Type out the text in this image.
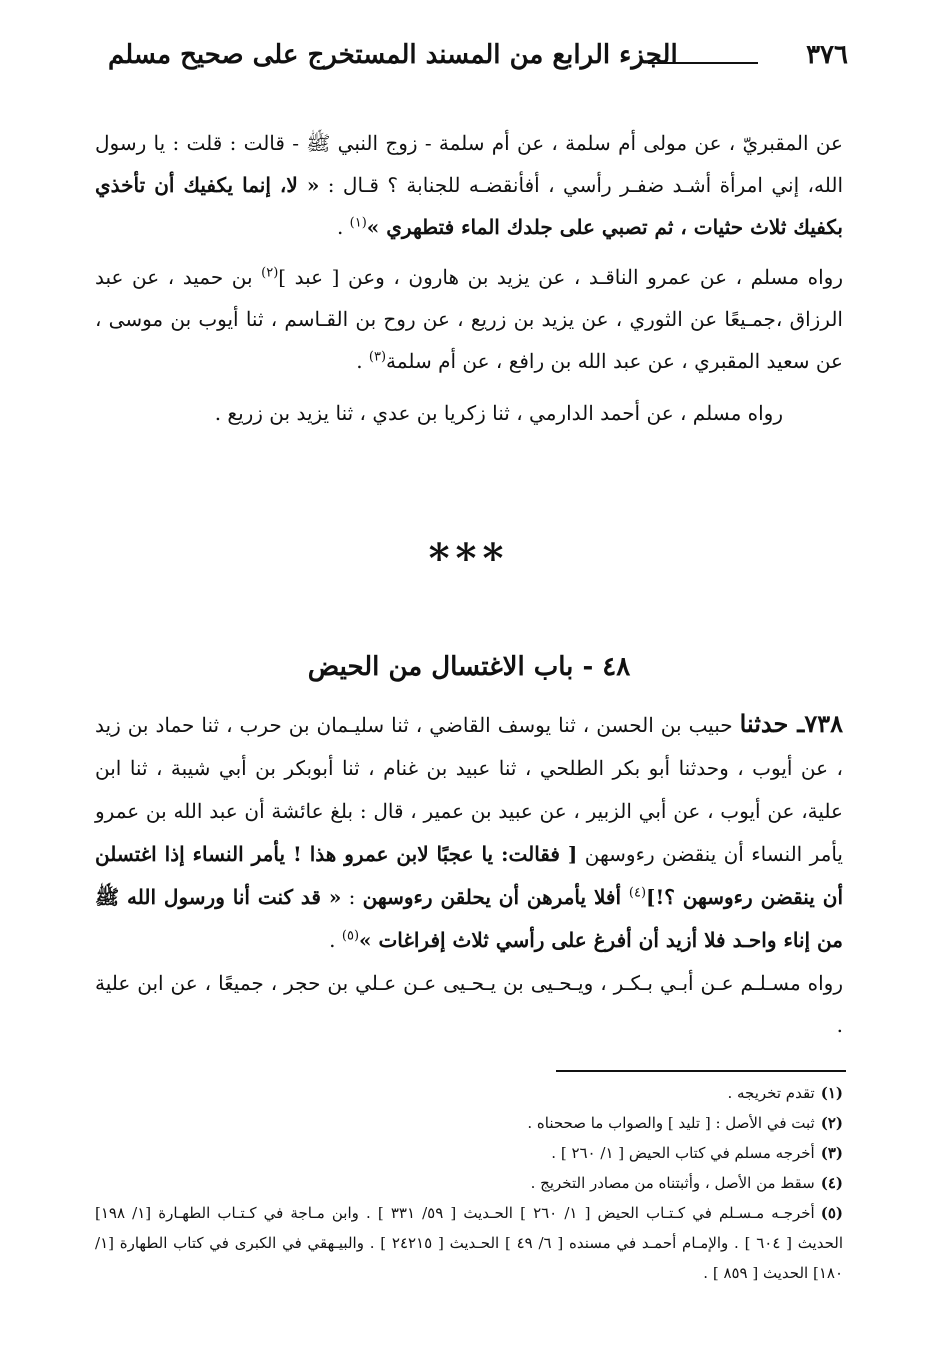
٣٧٦
الجزء الرابع من المسند المستخرج على صحيح مسلم

عن المقبريّ ، عن مولى أم سلمة ، عن أم سلمة - زوج النبي ﷺ - قالت : قلت : يا رسول الله، إني امرأة أشـد ضفـر رأسي ، أفأنقضـه للجنابة ؟ قـال : « لا، إنما يكفيك أن تأخذي بكفيك ثلاث حثيات ، ثم تصبي على جلدك الماء فتطهري »$^{(١)}$ .

رواه مسلم ، عن عمرو الناقـد ، عن يزيد بن هارون ، وعن [ عبد ]$^{(٢)}$ بن حميد ، عن عبد الرزاق ،جمـيعًا عن الثوري ، عن يزيد بن زريع ، عن روح بن القـاسم ، ثنا أيوب بن موسى ، عن سعيد المقبري ، عن عبد الله بن رافع ، عن أم سلمة$^{(٣)}$ .

رواه مسلم ، عن أحمد الدارمي ، ثنا زكريا بن عدي ، ثنا يزيد بن زريع .

***
٤٨ - باب الاغتسال من الحيض

٧٣٨ـ حدثنا حبيب بن الحسن ، ثنا يوسف القاضي ، ثنا سليـمان بن حرب ، ثنا حماد بن زيد ، عن أيوب ، وحدثنا أبو بكر الطلحي ، ثنا عبيد بن غنام ، ثنا أبوبكر بن أبي شيبة ، ثنا ابن علية، عن أيوب ، عن أبي الزبير ، عن عبيد بن عمير ، قال : بلغ عائشة أن عبد الله بن عمرو يأمر النساء أن ينقضن رءوسهن [ فقالت: يا عجبًا لابن عمرو هذا ! يأمر النساء إذا اغتسلن أن ينقضن رءوسهن ؟!]$^{(٤)}$ أفلا يأمرهن أن يحلقن رءوسهن : « قد كنت أنا ورسول الله ﷺ من إناء واحـد فلا أزيد أن أفرغ على رأسي ثلاث إفراغات »$^{(٥)}$ .

رواه مسـلـم عـن أبـي بـكـر ، ويـحـيى بن يـحـيى عـن عـلي بن حجر ، جميعًا ، عن ابن علية .

(١)تقدم تخريجه .

(٢)ثبت في الأصل : [ تليد ] والصواب ما صححناه .

(٣)أخرجه مسلم في كتاب الحيض [ ١/ ٢٦٠ ] .

(٤)سقط من الأصل ، وأثبتناه من مصادر التخريج .

(٥)أخرجـه مـسـلم في كـتـاب الحيض [ ١/ ٢٦٠ ] الحـديث [ ٥٩/ ٣٣١ ] . وابن مـاجة في كـتـاب الطهـارة [١/ ١٩٨] الحديث [ ٦٠٤ ] . والإمـام أحمـد في مسنده [ ٦/ ٤٩ ] الحـديث [ ٢٤٢١٥ ] . والبيـهقي في الكبرى في كتاب الطهارة [١/ ١٨٠] الحديث [ ٨٥٩ ] .
